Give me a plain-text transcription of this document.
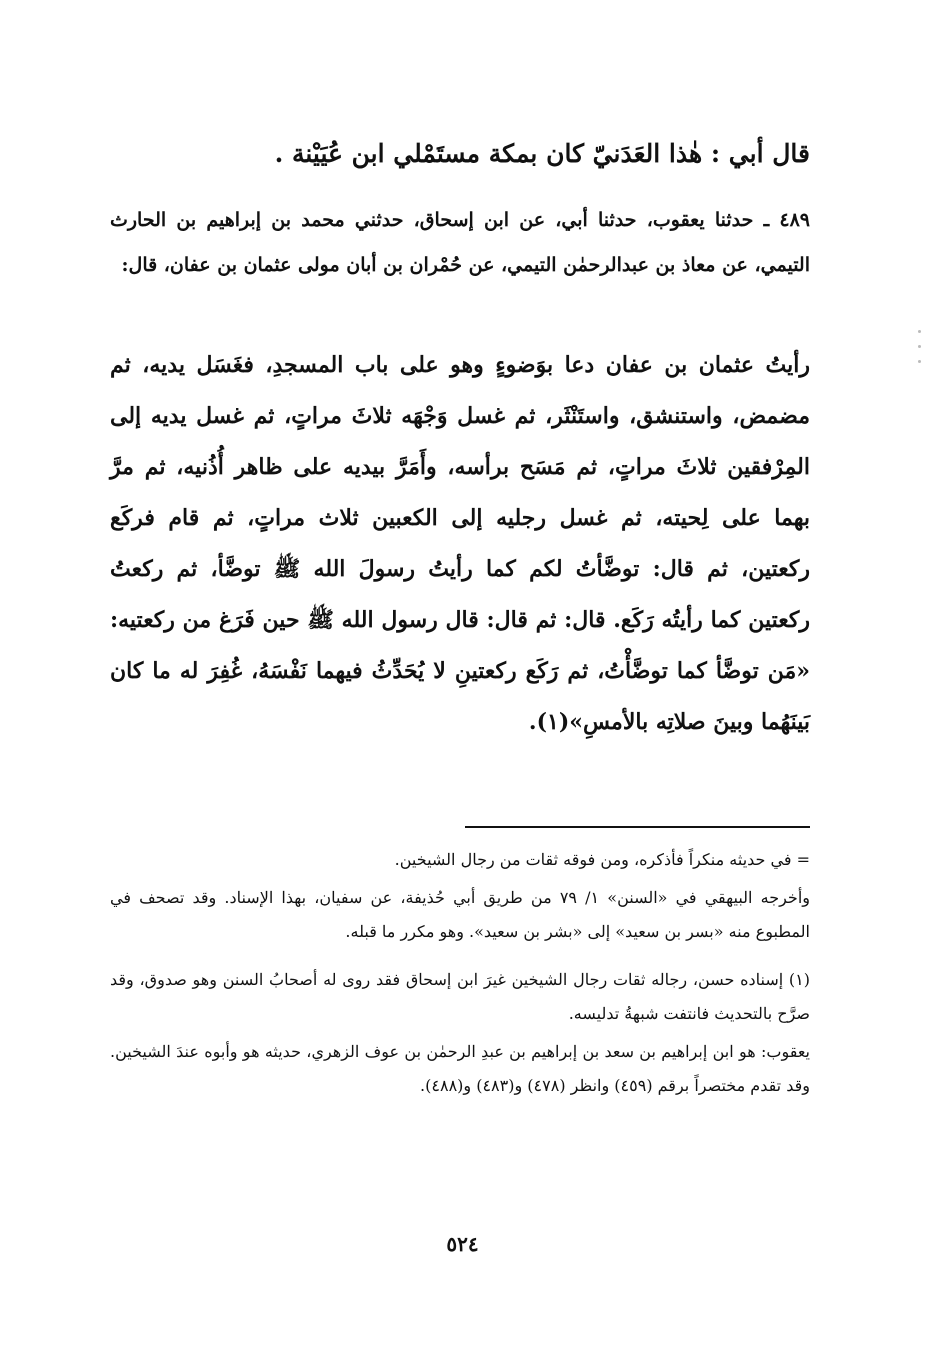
قال أبي : هٰذا العَدَنيّ كان بمكة مستَمْلي ابن عُيَيْنة .
٤٨٩ ـ حدثنا يعقوب، حدثنا أبي، عن ابن إسحاق، حدثني محمد بن إبراهيم بن الحارث التيمي، عن معاذ بن عبدالرحمٰن التيمي، عن حُمْران بن أبان مولى عثمان بن عفان، قال:
رأيتُ عثمان بن عفان دعا بوَضوءٍ وهو على باب المسجدِ، فغَسَل يديه، ثم مضمض، واستنشق، واستَنْثَر، ثم غسل وَجْهَه ثلاثَ مراتٍ، ثم غسل يديه إلى المِرْفقين ثلاثَ مراتٍ، ثم مَسَح برأسه، وأَمَرَّ بيديه على ظاهر أُذُنيه، ثم مرَّ بهما على لِحيته، ثم غسل رجليه إلى الكعبين ثلاث مراتٍ، ثم قام فركَع ركعتين، ثم قال: توضَّأتُ لكم كما رأيتُ رسولَ الله ﷺ توضَّأ، ثم ركعتُ ركعتين كما رأيتُه رَكَع. قال: ثم قال: قال رسول الله ﷺ حين فَرَغ من ركعتيه: «مَن توضَّأ كما توضَّأْتُ، ثم رَكَع ركعتينِ لا يُحَدِّثُ فيهما نَفْسَهُ، غُفِرَ له ما كان بَينَهُما وبينَ صلاتِه بالأمسِ»(١).

= في حديثه منكراً فأذكره، ومن فوقه ثقات من رجال الشيخين.

وأخرجه البيهقي في «السنن» ١/ ٧٩ من طريق أبي حُذيفة، عن سفيان، بهذا الإسناد. وقد تصحف في المطبوع منه «بسر بن سعيد» إلى «بشر بن سعيد». وهو مكرر ما قبله.

(١) إسناده حسن، رجاله ثقات رجال الشيخين غيرَ ابن إسحاق فقد روى له أصحابُ السنن وهو صدوق، وقد صرَّح بالتحديث فانتفت شبهةُ تدليسه.

يعقوب: هو ابن إبراهيم بن سعد بن إبراهيم بن عبدِ الرحمٰن بن عوف الزهري، حديثه هو وأبوه عندَ الشيخين. وقد تقدم مختصراً برقم (٤٥٩) وانظر (٤٧٨) و(٤٨٣) و(٤٨٨).

٥٢٤
